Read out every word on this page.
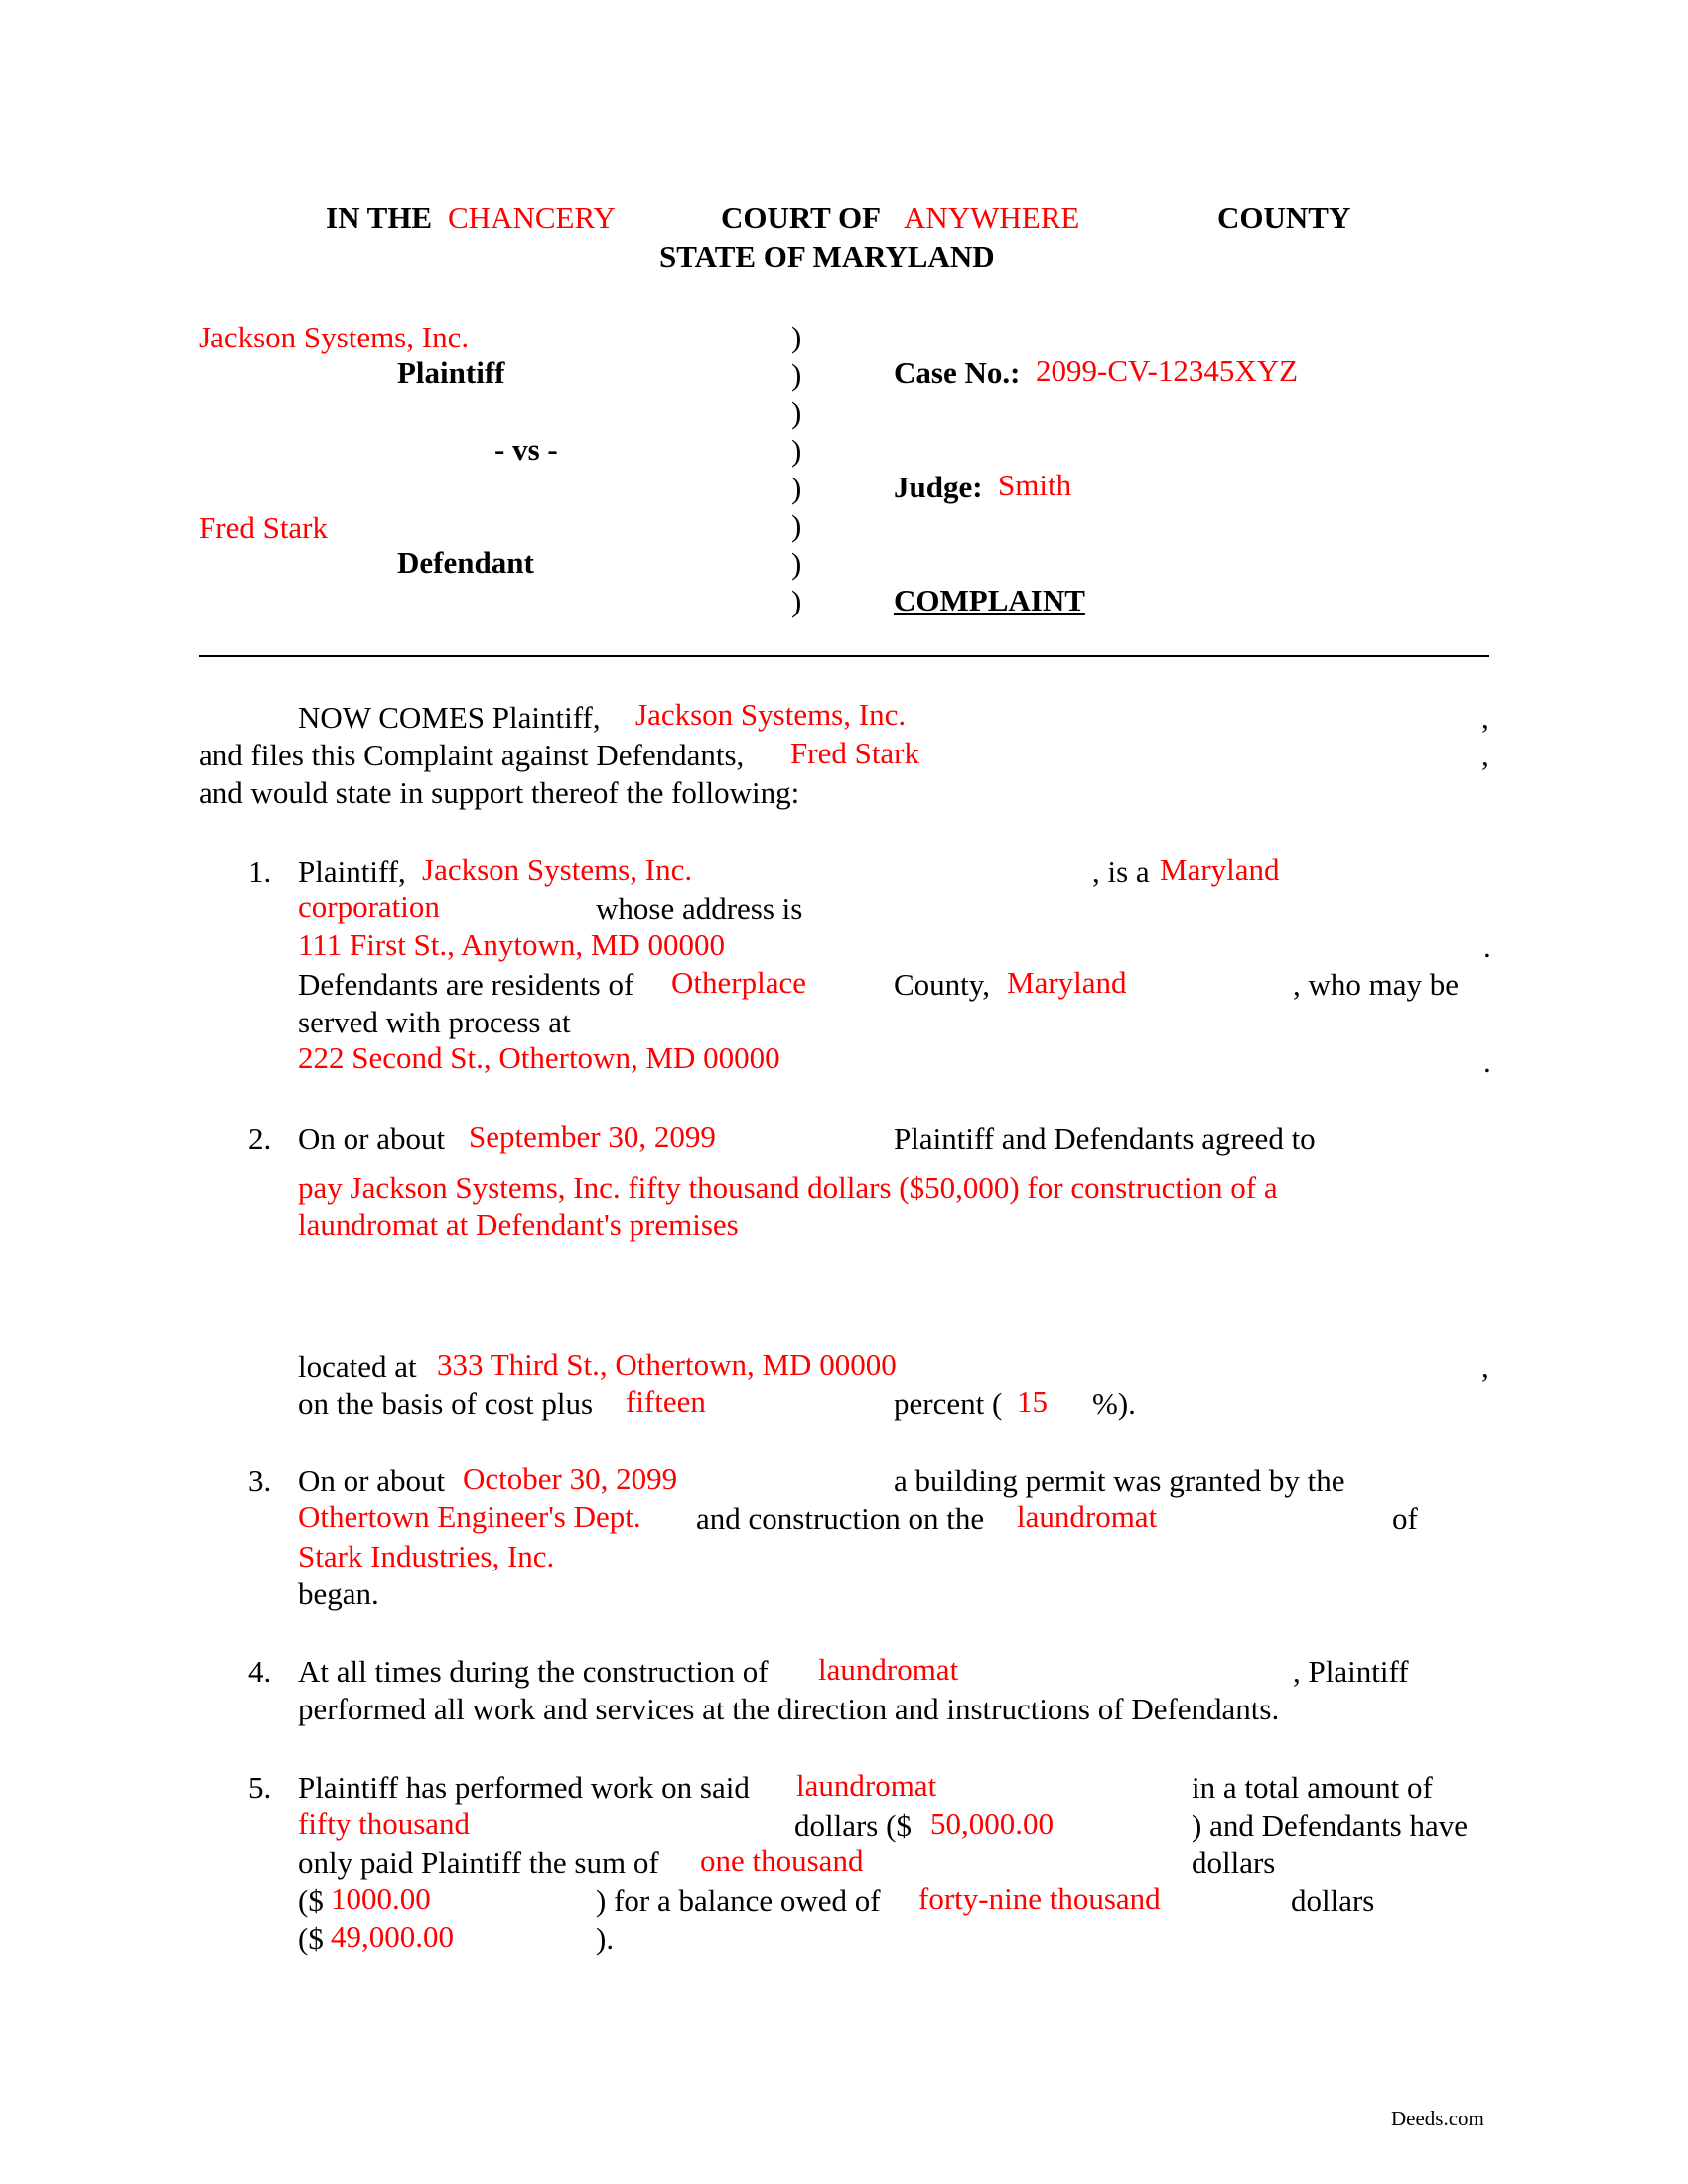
IN THE CHANCERY	COURT OF ANYWHERE	COUNTY
STATE OF MARYLAND
Jackson Systems, Inc.
Plaintiff
- vs -
Fred Stark
Defendant
)
)
)
)
)
)
)
)
Case No.: 2099-CV-12345XYZ
Judge: Smith
COMPLAINT
NOW COMES Plaintiff, Jackson Systems, Inc.	,
and files this Complaint against Defendants, Fred Stark	,
and would state in support thereof the following:
1. Plaintiff, Jackson Systems, Inc.	, is a Maryland
corporation	whose address is
111 First St., Anytown, MD 00000	.
Defendants are residents of Otherplace	County, Maryland	, who may be
served with process at
222 Second St., Othertown, MD 00000	.
2. On or about September 30, 2099	Plaintiff and Defendants agreed to
pay Jackson Systems, Inc. fifty thousand dollars ($50,000) for construction of a
laundromat at Defendant's premises
located at 333 Third St., Othertown, MD 00000	,
on the basis of cost plus fifteen	percent ( 15 %).
3. On or about October 30, 2099	a building permit was granted by the
Othertown Engineer's Dept. and construction on the laundromat	of
Stark Industries, Inc.
began.
4. At all times during the construction of laundromat	, Plaintiff
performed all work and services at the direction and instructions of Defendants.
5. Plaintiff has performed work on said laundromat	in a total amount of
fifty thousand	dollars ($ 50,000.00	) and Defendants have
only paid Plaintiff the sum of one thousand	dollars
($ 1000.00	) for a balance owed of forty-nine thousand	dollars
($ 49,000.00	).
Deeds.com
